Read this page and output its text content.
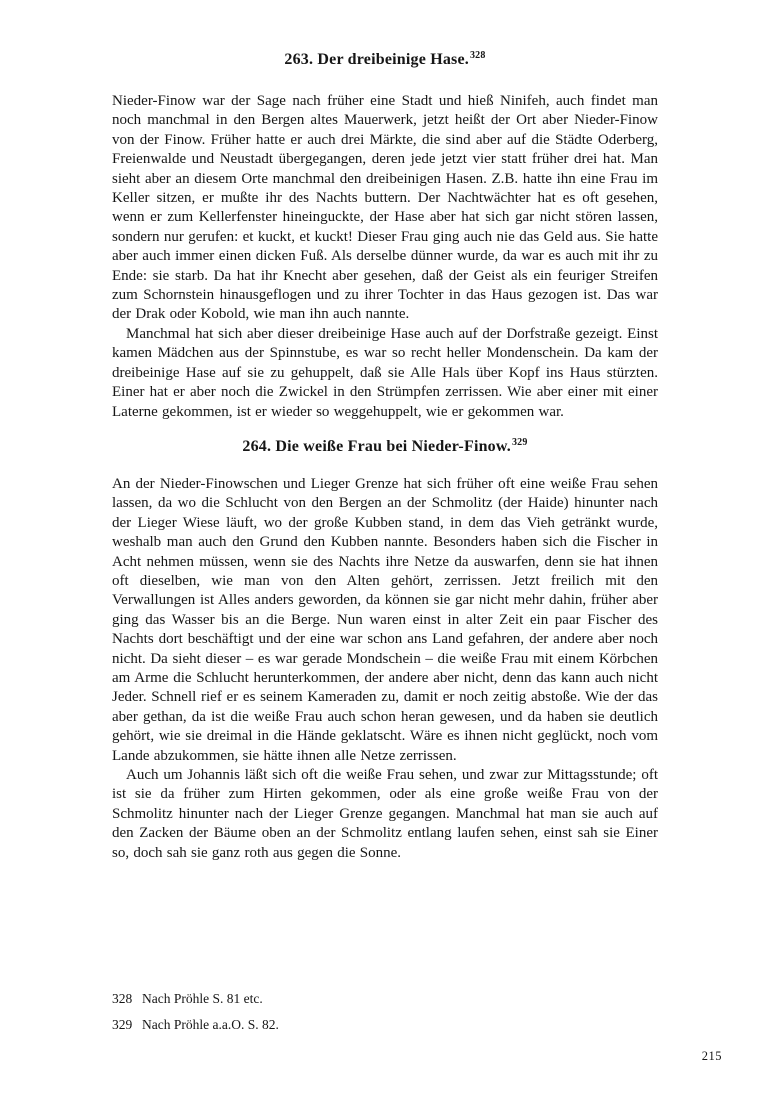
263. Der dreibeinige Hase.$^{328}$

Nieder-Finow war der Sage nach früher eine Stadt und hieß Ninifeh, auch findet man noch manchmal in den Bergen altes Mauerwerk, jetzt heißt der Ort aber Nieder-Finow von der Finow. Früher hatte er auch drei Märkte, die sind aber auf die Städte Oderberg, Freienwalde und Neustadt übergegangen, deren jede jetzt vier statt früher drei hat. Man sieht aber an diesem Orte manchmal den dreibeinigen Hasen. Z.B. hatte ihn eine Frau im Keller sitzen, er mußte ihr des Nachts buttern. Der Nachtwächter hat es oft gesehen, wenn er zum Kellerfenster hineinguckte, der Hase aber hat sich gar nicht stören lassen, sondern nur gerufen: et kuckt, et kuckt! Dieser Frau ging auch nie das Geld aus. Sie hatte aber auch immer einen dicken Fuß. Als derselbe dünner wurde, da war es auch mit ihr zu Ende: sie starb. Da hat ihr Knecht aber gesehen, daß der Geist als ein feuriger Streifen zum Schornstein hinausgeflogen und zu ihrer Tochter in das Haus gezogen ist. Das war der Drak oder Kobold, wie man ihn auch nannte.

Manchmal hat sich aber dieser dreibeinige Hase auch auf der Dorfstraße gezeigt. Einst kamen Mädchen aus der Spinnstube, es war so recht heller Mondenschein. Da kam der dreibeinige Hase auf sie zu gehuppelt, daß sie Alle Hals über Kopf ins Haus stürzten. Einer hat er aber noch die Zwickel in den Strümpfen zerrissen. Wie aber einer mit einer Laterne gekommen, ist er wieder so weggehuppelt, wie er gekommen war.

264. Die weiße Frau bei Nieder-Finow.$^{329}$

An der Nieder-Finowschen und Lieger Grenze hat sich früher oft eine weiße Frau sehen lassen, da wo die Schlucht von den Bergen an der Schmolitz (der Haide) hinunter nach der Lieger Wiese läuft, wo der große Kubben stand, in dem das Vieh getränkt wurde, weshalb man auch den Grund den Kubben nannte. Besonders haben sich die Fischer in Acht nehmen müssen, wenn sie des Nachts ihre Netze da auswarfen, denn sie hat ihnen oft dieselben, wie man von den Alten gehört, zerrissen. Jetzt freilich mit den Verwallungen ist Alles anders geworden, da können sie gar nicht mehr dahin, früher aber ging das Wasser bis an die Berge. Nun waren einst in alter Zeit ein paar Fischer des Nachts dort beschäftigt und der eine war schon ans Land gefahren, der andere aber noch nicht. Da sieht dieser – es war gerade Mondschein – die weiße Frau mit einem Körbchen am Arme die Schlucht herunterkommen, der andere aber nicht, denn das kann auch nicht Jeder. Schnell rief er es seinem Kameraden zu, damit er noch zeitig abstoße. Wie der das aber gethan, da ist die weiße Frau auch schon heran gewesen, und da haben sie deutlich gehört, wie sie dreimal in die Hände geklatscht. Wäre es ihnen nicht geglückt, noch vom Lande abzukommen, sie hätte ihnen alle Netze zerrissen.

Auch um Johannis läßt sich oft die weiße Frau sehen, und zwar zur Mittagsstunde; oft ist sie da früher zum Hirten gekommen, oder als eine große weiße Frau von der Schmolitz hinunter nach der Lieger Grenze gegangen. Manchmal hat man sie auch auf den Zacken der Bäume oben an der Schmolitz entlang laufen sehen, einst sah sie Einer so, doch sah sie ganz roth aus gegen die Sonne.

328 Nach Pröhle S. 81 etc.
329 Nach Pröhle a.a.O. S. 82.
215
